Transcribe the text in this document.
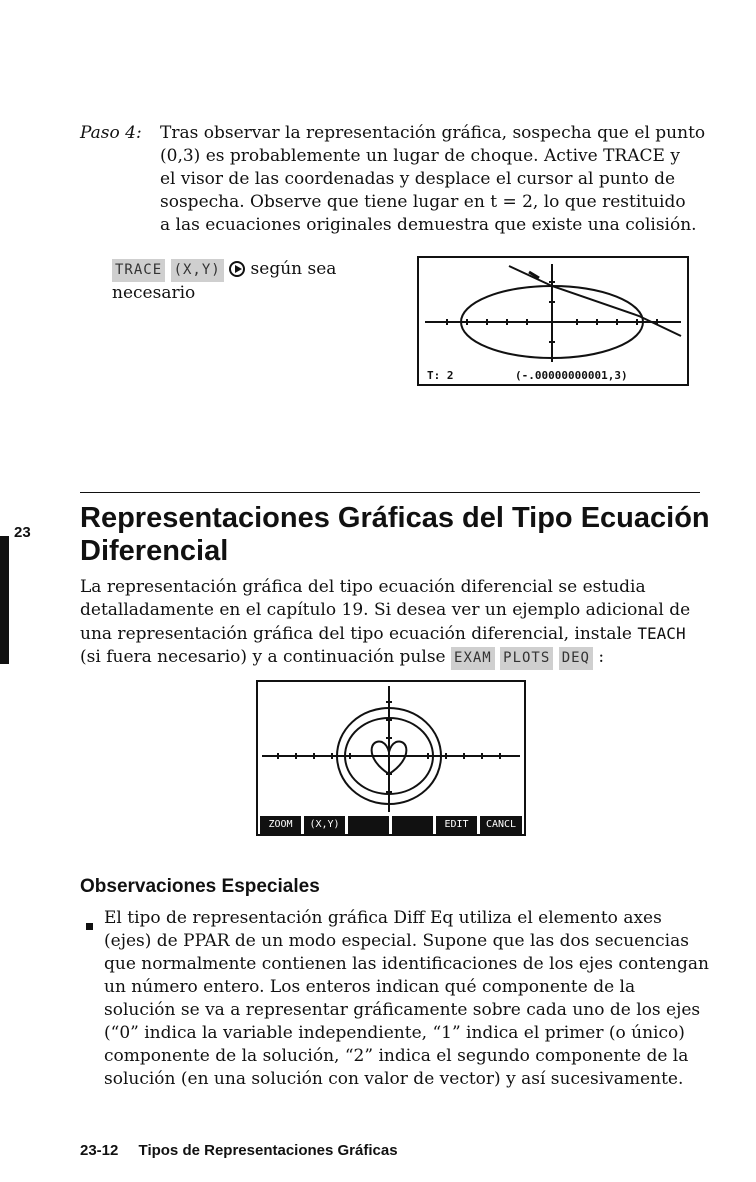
Paso 4: Tras observar la representación gráfica, sospecha que el punto
(0,3) es probablemente un lugar de choque. Active TRACE y
el visor de las coordenadas y desplace el cursor al punto de
sospecha. Observe que tiene lugar en t = 2, lo que restituido
a las ecuaciones originales demuestra que existe una colisión.
TRACE (X,Y) según sea
necesario
T: 2	(-.00000000001,3)
23 Representaciones Gráficas del Tipo Ecuación
Diferencial
La representación gráfica del tipo ecuación diferencial se estudia
detalladamente en el capítulo 19. Si desea ver un ejemplo adicional de
una representación gráfica del tipo ecuación diferencial, instale TEACH
(si fuera necesario) y a continuación pulse EXAM PLOTS DEQ :
ZOOM	(X,Y)	EDIT	CANCL
Observaciones Especiales
El tipo de representación gráfica Diff Eq utiliza el elemento axes
(ejes) de PPAR de un modo especial. Supone que las dos secuencias
que normalmente contienen las identificaciones de los ejes contengan
un número entero. Los enteros indican qué componente de la
solución se va a representar gráficamente sobre cada uno de los ejes
(“0” indica la variable independiente, “1” indica el primer (o único)
componente de la solución, “2” indica el segundo componente de la
solución (en una solución con valor de vector) y así sucesivamente.
23-12 Tipos de Representaciones Gráficas
